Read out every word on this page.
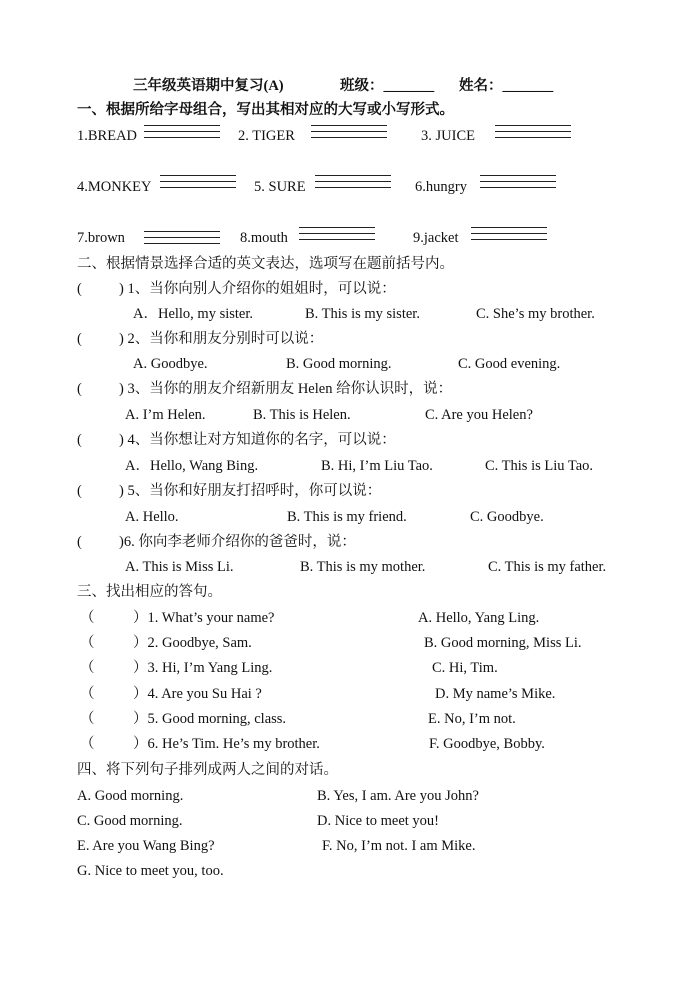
三年级英语期中复习(A)	班级：_______ 姓名：_______
一、根据所给字母组合，写出其相对应的大写或小写形式。
1.BREAD	2. TIGER	3. JUICE
4.MONKEY	5. SURE	6.hungry
7.brown	8.mouth	9.jacket
二、根据情景选择合适的英文表达，选项写在题前括号内。
(	) 1、当你向别人介绍你的姐姐时，可以说：
A．Hello, my sister.	B. This is my sister.	C. She’s my brother.
(	) 2、当你和朋友分别时可以说：
A. Goodbye.	B. Good morning.	C. Good evening.
(	) 3、当你的朋友介绍新朋友 Helen 给你认识时，说：
A. I’m Helen.	B. This is Helen.	C. Are you Helen?
(	) 4、当你想让对方知道你的名字，可以说：
A．Hello, Wang Bing.	B. Hi, I’m Liu Tao.	C. This is Liu Tao.
(	) 5、当你和好朋友打招呼时，你可以说：
A. Hello.	B. This is my friend.	C. Goodbye.
(	)6. 你向李老师介绍你的爸爸时，说：
A. This is Miss Li.	B. This is my mother.	C. This is my father.
三、找出相应的答句。
（	）1. What’s your name?	A. Hello, Yang Ling.
（	）2. Goodbye, Sam.	B. Good morning, Miss Li.
（	）3. Hi, I’m Yang Ling.	C. Hi, Tim.
（	）4. Are you Su Hai ?	D. My name’s Mike.
（	）5. Good morning, class.	E. No, I’m not.
（	）6. He’s Tim. He’s my brother.	F. Goodbye, Bobby.
四、将下列句子排列成两人之间的对话。
A. Good morning.	B. Yes, I am. Are you John?
C. Good morning.	D. Nice to meet you!
E. Are you Wang Bing?	F. No, I’m not. I am Mike.
G. Nice to meet you, too.
